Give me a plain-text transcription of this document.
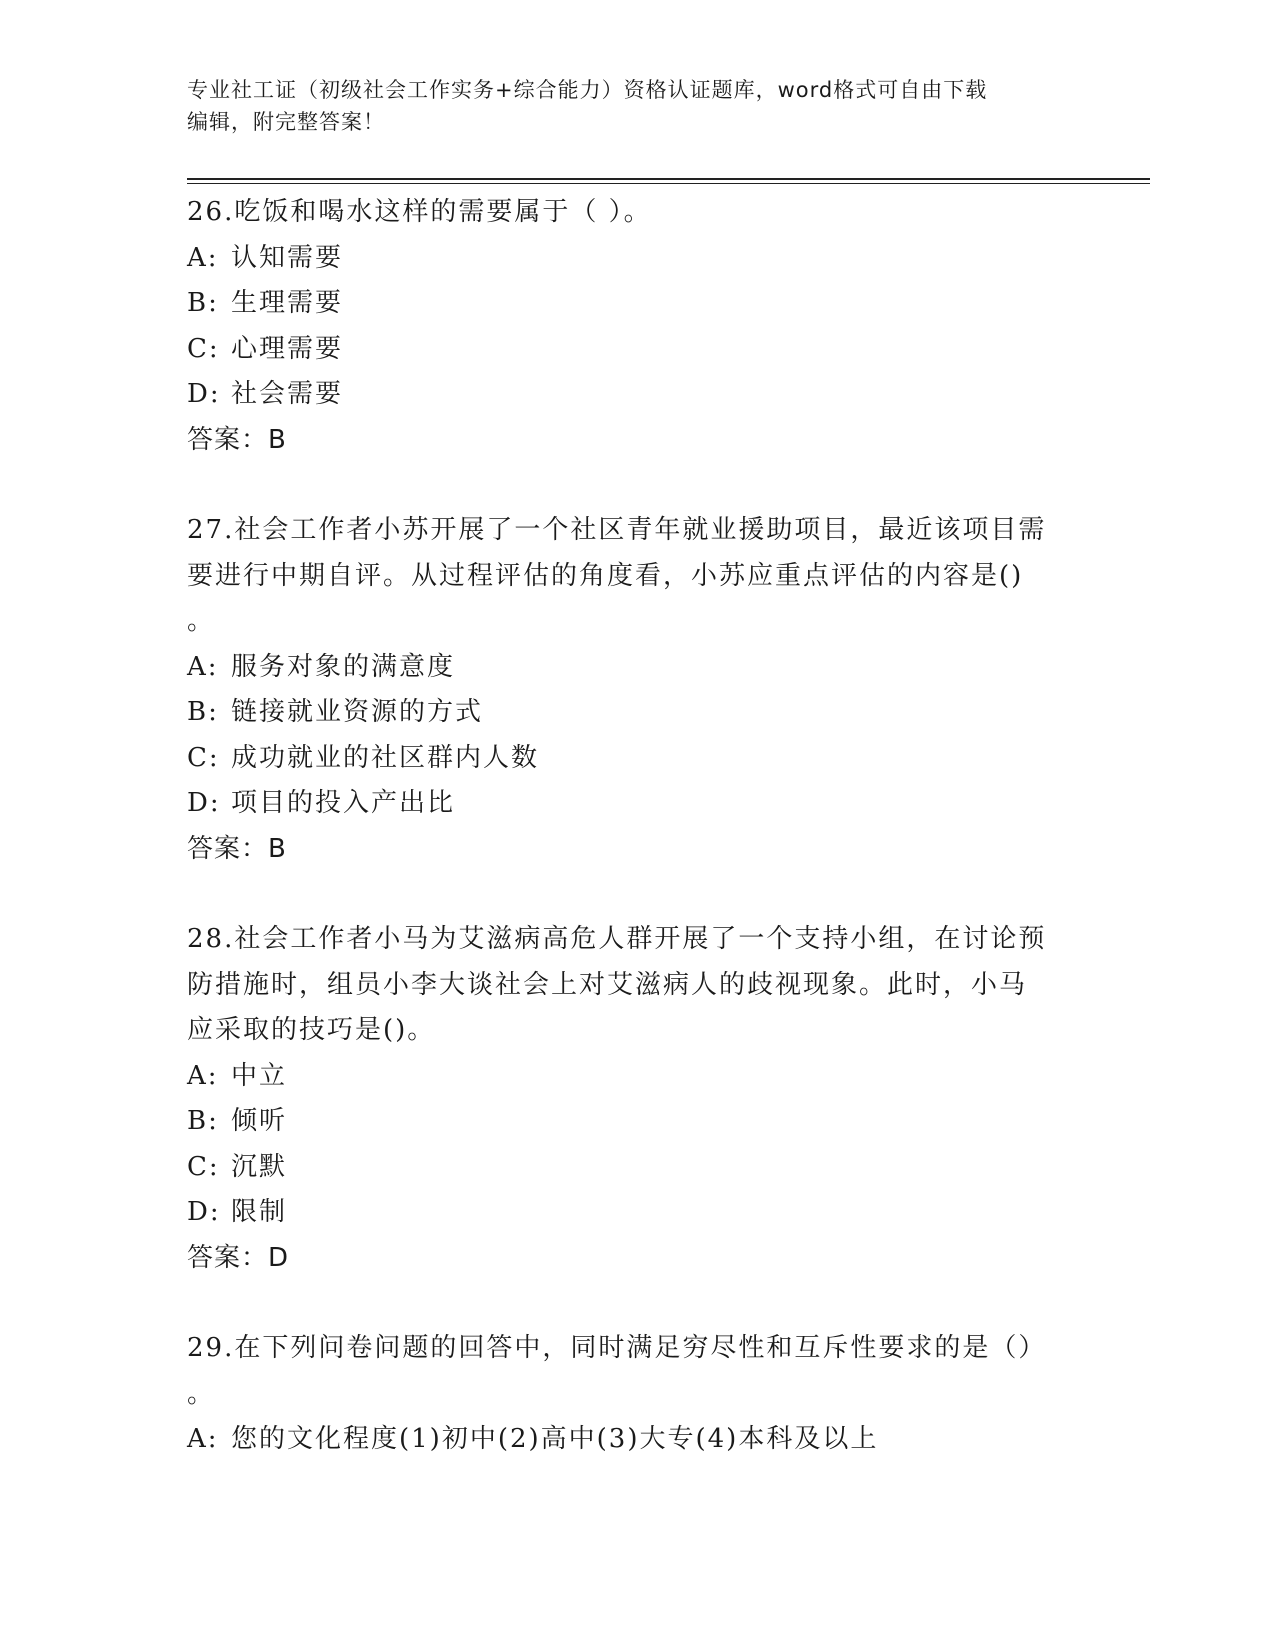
专业社工证（初级社会工作实务+综合能力）资格认证题库，word格式可自由下载
编辑，附完整答案！

26.吃饭和喝水这样的需要属于（ ）。

A: 认知需要

B: 生理需要

C: 心理需要

D: 社会需要

答案：B

27.社会工作者小苏开展了一个社区青年就业援助项目，最近该项目需

要进行中期自评。从过程评估的角度看，小苏应重点评估的内容是()

。

A: 服务对象的满意度

B: 链接就业资源的方式

C: 成功就业的社区群内人数

D: 项目的投入产出比

答案：B

28.社会工作者小马为艾滋病高危人群开展了一个支持小组，在讨论预

防措施时，组员小李大谈社会上对艾滋病人的歧视现象。此时，小马

应采取的技巧是()。

A: 中立

B: 倾听

C: 沉默

D: 限制

答案：D

29.在下列问卷问题的回答中，同时满足穷尽性和互斥性要求的是（）

。

A: 您的文化程度(1)初中(2)高中(3)大专(4)本科及以上
